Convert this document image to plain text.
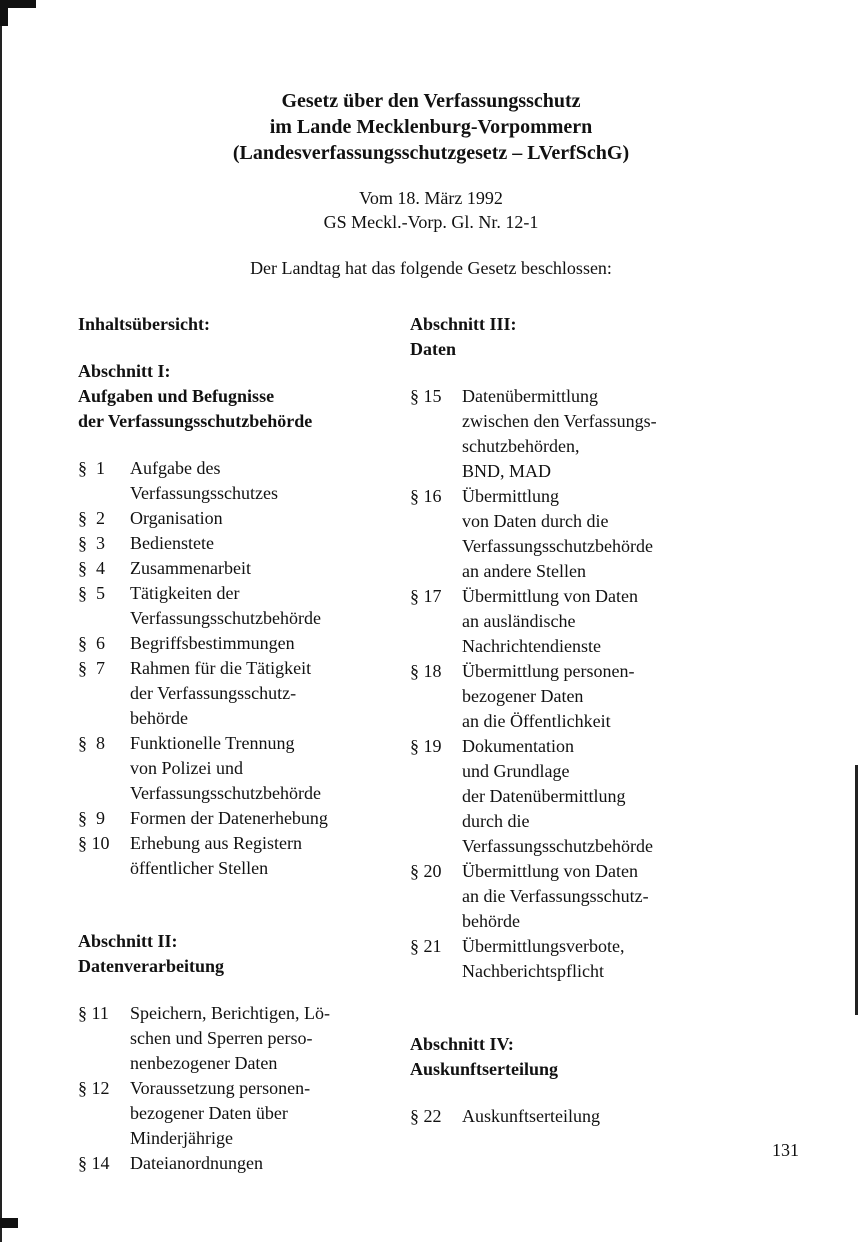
Gesetz über den Verfassungsschutz
im Lande Mecklenburg-Vorpommern
(Landesverfassungsschutzgesetz – LVerfSchG)
Vom 18. März 1992
GS Meckl.-Vorp. Gl. Nr. 12-1
Der Landtag hat das folgende Gesetz beschlossen:
Inhaltsübersicht:
Abschnitt I:
Aufgaben und Befugnisse
der Verfassungsschutzbehörde
§  1	Aufgabe des
Verfassungsschutzes
§  2	Organisation
§  3	Bedienstete
§  4	Zusammenarbeit
§  5	Tätigkeiten der
Verfassungsschutzbehörde
§  6	Begriffsbestimmungen
§  7	Rahmen für die Tätigkeit
der Verfassungsschutz-
behörde
§  8	Funktionelle Trennung
von Polizei und
Verfassungsschutzbehörde
§  9	Formen der Datenerhebung
§ 10	Erhebung aus Registern
öffentlicher Stellen
Abschnitt II:
Datenverarbeitung
§ 11	Speichern, Berichtigen, Lö-
schen und Sperren perso-
nenbezogener Daten
§ 12	Voraussetzung personen-
bezogener Daten über
Minderjährige
§ 14	Dateianordnungen
Abschnitt III:
Daten
§ 15	Datenübermittlung
zwischen den Verfassungs-
schutzbehörden,
BND, MAD
§ 16	Übermittlung
von Daten durch die
Verfassungsschutzbehörde
an andere Stellen
§ 17	Übermittlung von Daten
an ausländische
Nachrichtendienste
§ 18	Übermittlung personen-
bezogener Daten
an die Öffentlichkeit
§ 19	Dokumentation
und Grundlage
der Datenübermittlung
durch die
Verfassungsschutzbehörde
§ 20	Übermittlung von Daten
an die Verfassungsschutz-
behörde
§ 21	Übermittlungsverbote,
Nachberichtspflicht
Abschnitt IV:
Auskunftserteilung
§ 22	Auskunftserteilung
131
